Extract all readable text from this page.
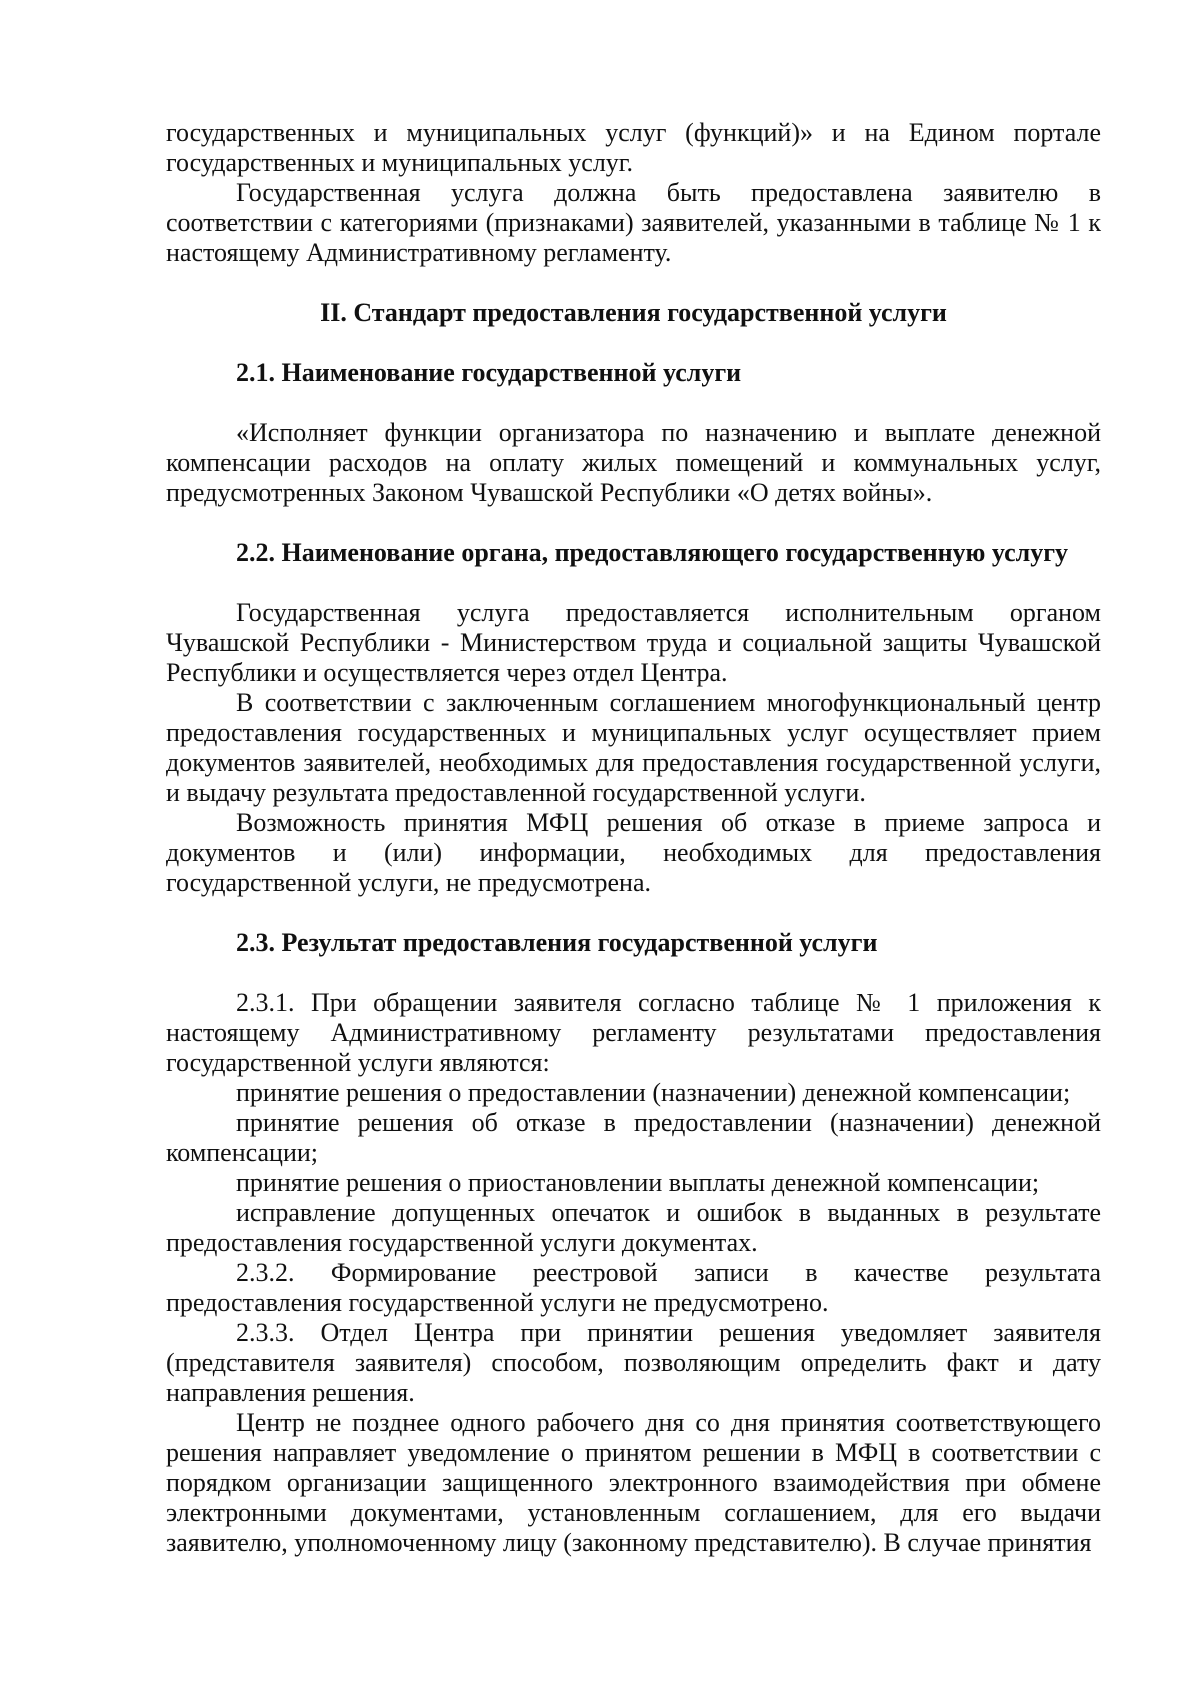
государственных и муниципальных услуг (функций)» и на Едином портале государственных и муниципальных услуг.

Государственная услуга должна быть предоставлена заявителю в соответствии с категориями (признаками) заявителей, указанными в таблице № 1 к настоящему Административному регламенту.

II. Стандарт предоставления государственной услуги

2.1. Наименование государственной услуги

«Исполняет функции организатора по назначению и выплате денежной компенсации расходов на оплату жилых помещений и коммунальных услуг, предусмотренных Законом Чувашской Республики «О детях войны».

2.2. Наименование органа, предоставляющего государственную услугу

Государственная услуга предоставляется исполнительным органом Чувашской Республики - Министерством труда и социальной защиты Чувашской Республики и осуществляется через отдел Центра.

В соответствии с заключенным соглашением многофункциональный центр предоставления государственных и муниципальных услуг осуществляет прием документов заявителей, необходимых для предоставления государственной услуги, и выдачу результата предоставленной государственной услуги.

Возможность принятия МФЦ решения об отказе в приеме запроса и документов и (или) информации, необходимых для предоставления государственной услуги, не предусмотрена.

2.3. Результат предоставления государственной услуги

2.3.1. При обращении заявителя согласно таблице № 1 приложения к настоящему Административному регламенту результатами предоставления государственной услуги являются:

принятие решения о предоставлении (назначении) денежной компенсации;

принятие решения об отказе в предоставлении (назначении) денежной компенсации;

принятие решения о приостановлении выплаты денежной компенсации;

исправление допущенных опечаток и ошибок в выданных в результате предоставления государственной услуги документах.

2.3.2. Формирование реестровой записи в качестве результата предоставления государственной услуги не предусмотрено.

2.3.3. Отдел Центра при принятии решения уведомляет заявителя (представителя заявителя) способом, позволяющим определить факт и дату направления решения.

Центр не позднее одного рабочего дня со дня принятия соответствующего решения направляет уведомление о принятом решении в МФЦ в соответствии с порядком организации защищенного электронного взаимодействия при обмене электронными документами, установленным соглашением, для его выдачи заявителю, уполномоченному лицу (законному представителю). В случае принятия
